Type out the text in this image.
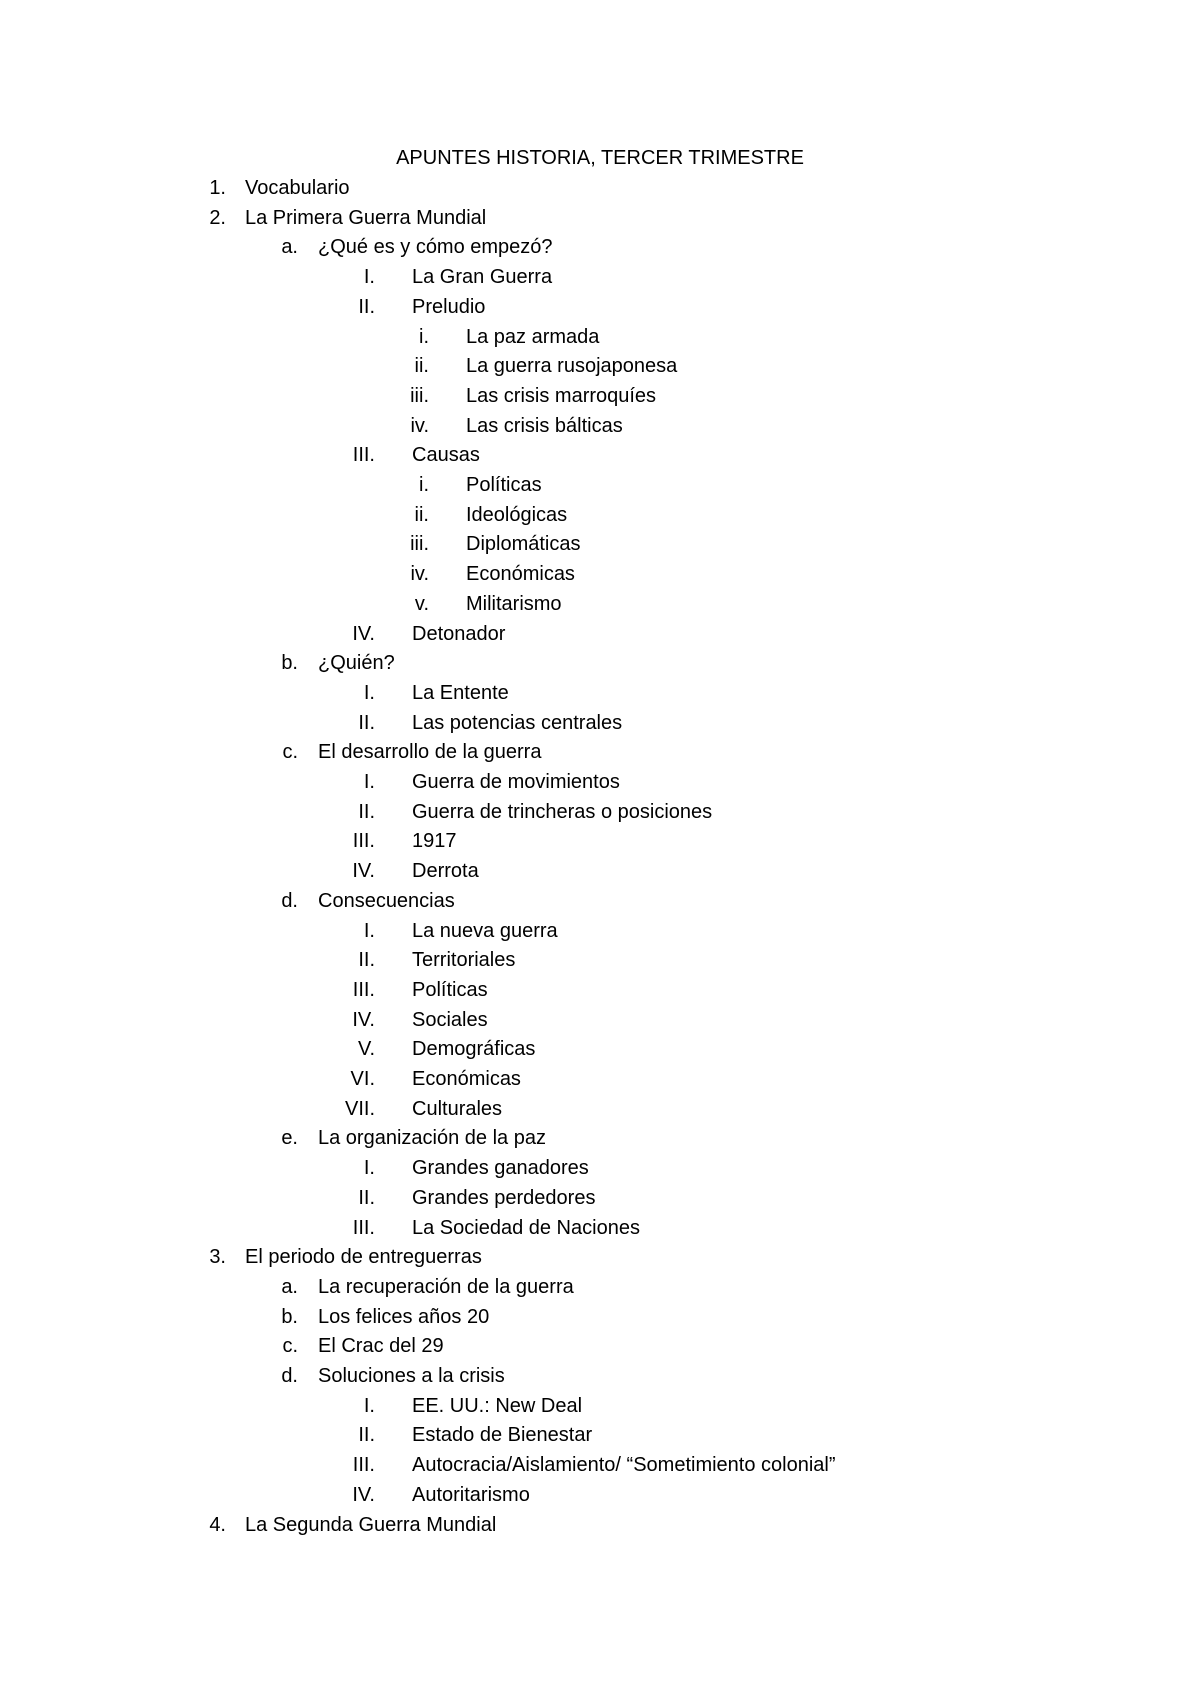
APUNTES HISTORIA, TERCER TRIMESTRE
1. Vocabulario
2. La Primera Guerra Mundial
a. ¿Qué es y cómo empezó?
I. La Gran Guerra
II. Preludio
i. La paz armada
ii. La guerra rusojaponesa
iii. Las crisis marroquíes
iv. Las crisis bálticas
III. Causas
i. Políticas
ii. Ideológicas
iii. Diplomáticas
iv. Económicas
v. Militarismo
IV. Detonador
b. ¿Quién?
I. La Entente
II. Las potencias centrales
c. El desarrollo de la guerra
I. Guerra de movimientos
II. Guerra de trincheras o posiciones
III. 1917
IV. Derrota
d. Consecuencias
I. La nueva guerra
II. Territoriales
III. Políticas
IV. Sociales
V. Demográficas
VI. Económicas
VII. Culturales
e. La organización de la paz
I. Grandes ganadores
II. Grandes perdedores
III. La Sociedad de Naciones
3. El periodo de entreguerras
a. La recuperación de la guerra
b. Los felices años 20
c. El Crac del 29
d. Soluciones a la crisis
I. EE. UU.: New Deal
II. Estado de Bienestar
III. Autocracia/Aislamiento/ “Sometimiento colonial”
IV. Autoritarismo
4. La Segunda Guerra Mundial
